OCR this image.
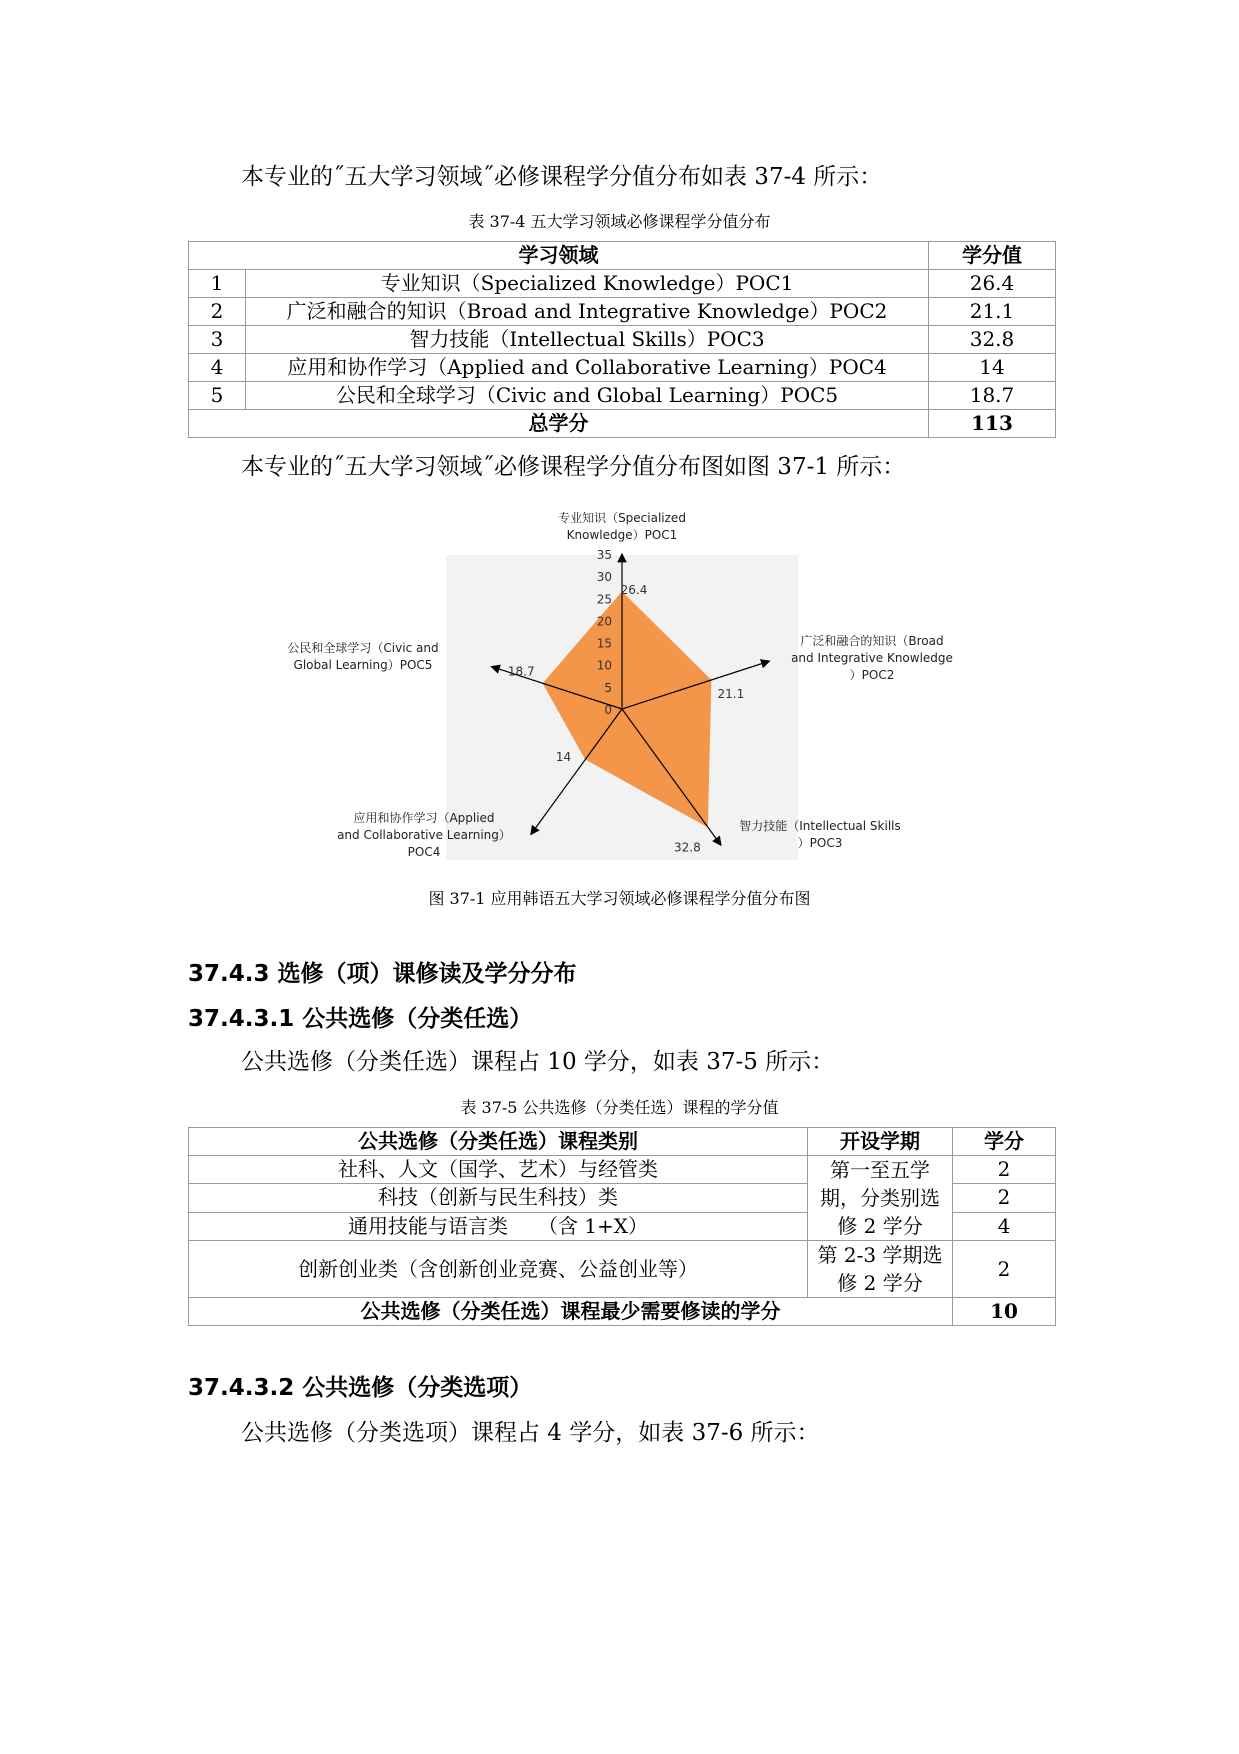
本专业的˝五大学习领域˝必修课程学分值分布如表 37-4 所示：
表 37-4 五大学习领域必修课程学分值分布
学习领域		学分值
1	专业知识（Specialized Knowledge）POC1	26.4
2	广泛和融合的知识（Broad and Integrative Knowledge）POC2	21.1
3	智力技能（Intellectual Skills）POC3	32.8
4	应用和协作学习（Applied and Collaborative Learning）POC4	14
5	公民和全球学习（Civic and Global Learning）POC5	18.7
总学分		113
本专业的˝五大学习领域˝必修课程学分值分布图如图 37-1 所示：
0
5
10
15
20
25
30
35
26.4
21.1
32.8
14
18.7
专业知识（Specialized Knowledge）POC1
广泛和融合的知识（Broad and Integrative Knowledge ）POC2
智力技能（Intellectual Skills ）POC3
应用和协作学习（Applied and Collaborative Learning） POC4
公民和全球学习（Civic and Global Learning）POC5
图 37-1 应用韩语五大学习领域必修课程学分值分布图
37.4.3 选修（项）课修读及学分分布
37.4.3.1 公共选修（分类任选）
公共选修（分类任选）课程占 10 学分，如表 37-5 所示：
表 37-5 公共选修（分类任选）课程的学分值
公共选修（分类任选）课程类别	开设学期	学分
社科、人文（国学、艺术）与经管类	第一至五学期，分类别选修 2 学分	2
科技（创新与民生科技）类		2
通用技能与语言类　　（含 1+X）		4
创新创业类（含创新创业竞赛、公益创业等）	第 2-3 学期选修 2 学分	2
公共选修（分类任选）课程最少需要修读的学分		10
37.4.3.2 公共选修（分类选项）
公共选修（分类选项）课程占 4 学分，如表 37-6 所示：
